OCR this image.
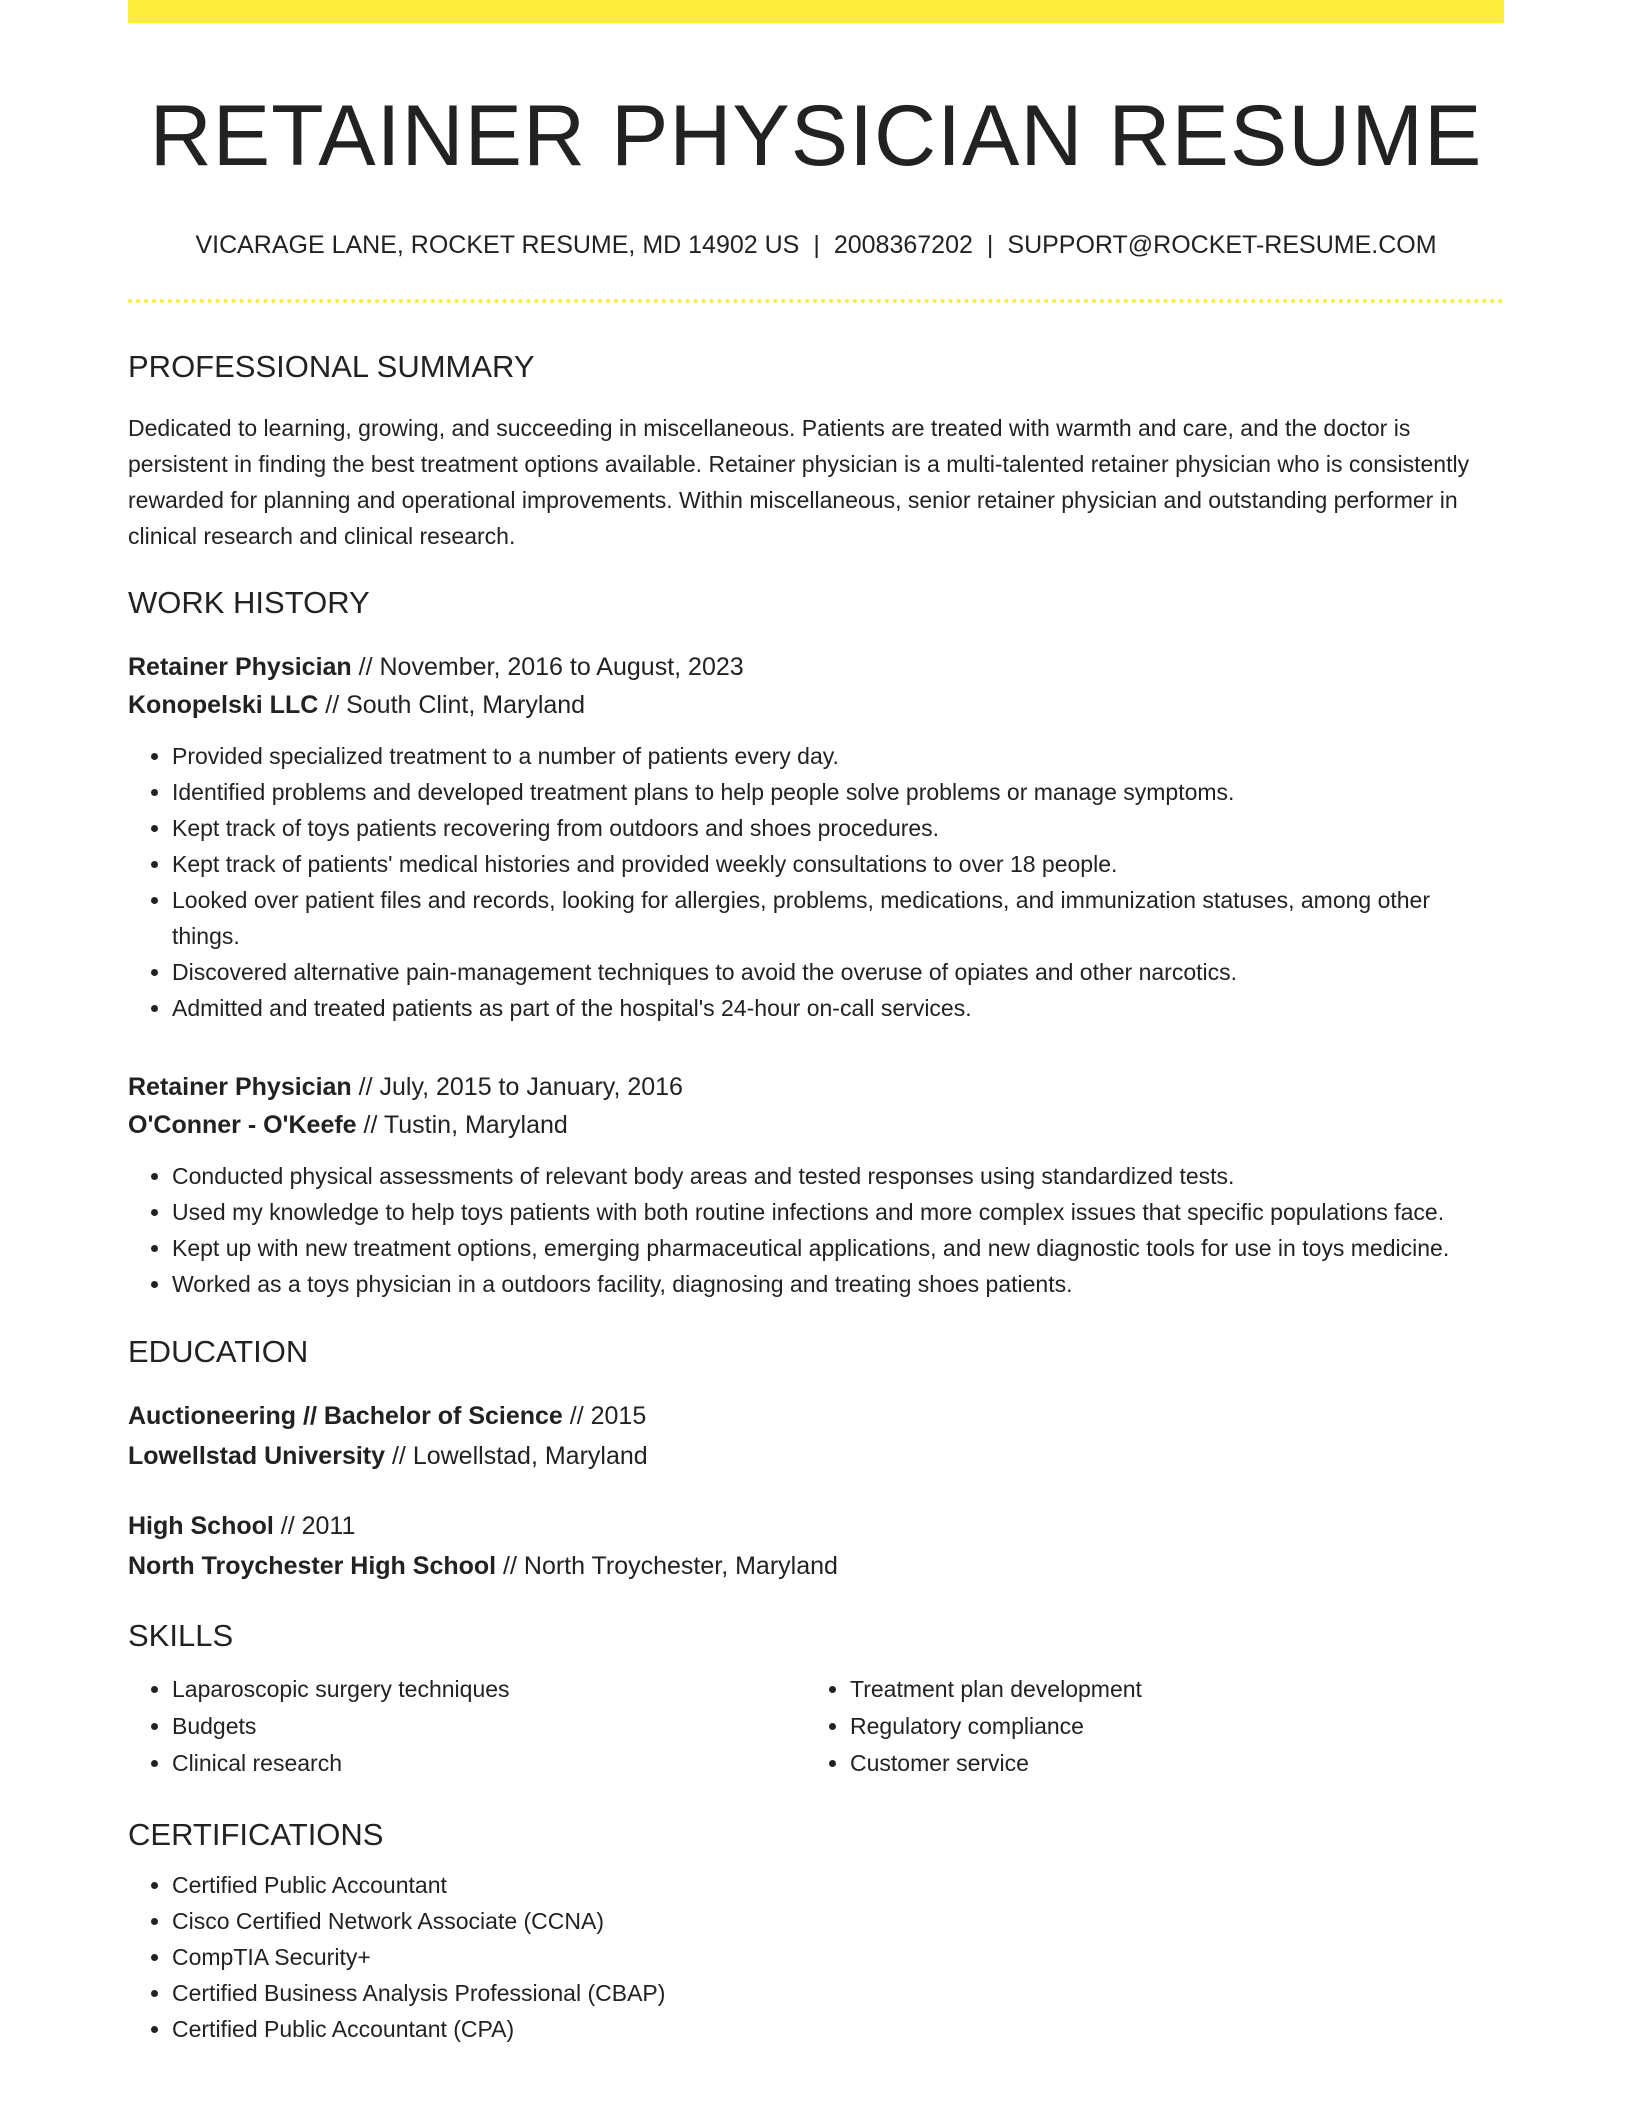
RETAINER PHYSICIAN RESUME
VICARAGE LANE, ROCKET RESUME, MD 14902 US | 2008367202 | SUPPORT@ROCKET-RESUME.COM
PROFESSIONAL SUMMARY

Dedicated to learning, growing, and succeeding in miscellaneous. Patients are treated with warmth and care, and the doctor is persistent in finding the best treatment options available. Retainer physician is a multi-talented retainer physician who is consistently rewarded for planning and operational improvements. Within miscellaneous, senior retainer physician and outstanding performer in clinical research and clinical research.

WORK HISTORY
Retainer Physician // November, 2016 to August, 2023
Konopelski LLC // South Clint, Maryland
• Provided specialized treatment to a number of patients every day.
• Identified problems and developed treatment plans to help people solve problems or manage symptoms.
• Kept track of toys patients recovering from outdoors and shoes procedures.
• Kept track of patients' medical histories and provided weekly consultations to over 18 people.
• Looked over patient files and records, looking for allergies, problems, medications, and immunization statuses, among other things.
• Discovered alternative pain-management techniques to avoid the overuse of opiates and other narcotics.
• Admitted and treated patients as part of the hospital's 24-hour on-call services.
Retainer Physician // July, 2015 to January, 2016
O'Conner - O'Keefe // Tustin, Maryland
• Conducted physical assessments of relevant body areas and tested responses using standardized tests.
• Used my knowledge to help toys patients with both routine infections and more complex issues that specific populations face.
• Kept up with new treatment options, emerging pharmaceutical applications, and new diagnostic tools for use in toys medicine.
• Worked as a toys physician in a outdoors facility, diagnosing and treating shoes patients.
EDUCATION
Auctioneering // Bachelor of Science // 2015
Lowellstad University // Lowellstad, Maryland
High School // 2011
North Troychester High School // North Troychester, Maryland
SKILLS
• Laparoscopic surgery techniques
• Budgets
• Clinical research
• Treatment plan development
• Regulatory compliance
• Customer service
CERTIFICATIONS
• Certified Public Accountant
• Cisco Certified Network Associate (CCNA)
• CompTIA Security+
• Certified Business Analysis Professional (CBAP)
• Certified Public Accountant (CPA)
